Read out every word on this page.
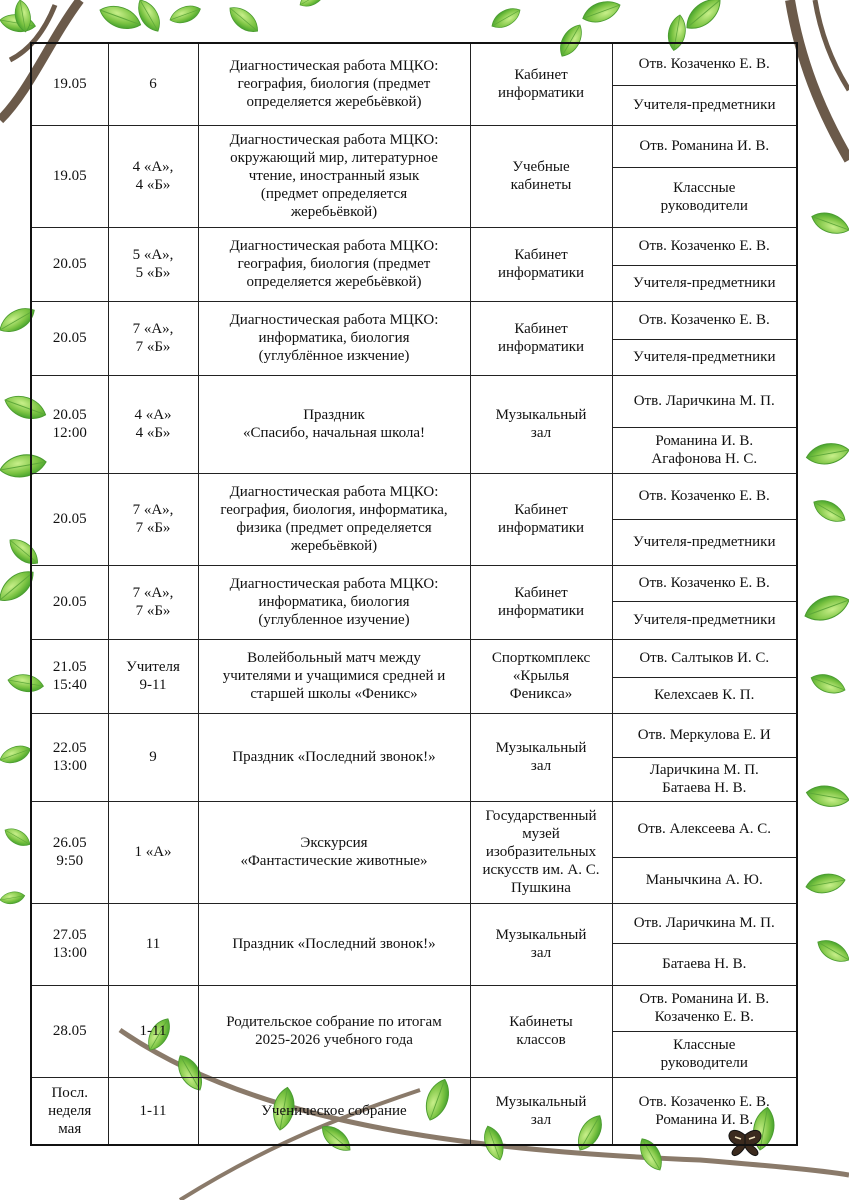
19.05	6	Диагностическая работа МЦКО:
география, биология (предмет
определяется жеребьёвкой)	Кабинет
информатики	Отв. Козаченко Е. В.
				Учителя-предметники
19.05	4 «А»,
4 «Б»	Диагностическая работа МЦКО:
окружающий мир, литературное
чтение, иностранный язык
(предмет определяется
жеребьёвкой)	Учебные
кабинеты	Отв. Романина И. В.
				Классные
руководители
20.05	5 «А»,
5 «Б»	Диагностическая работа МЦКО:
география, биология (предмет
определяется жеребьёвкой)	Кабинет
информатики	Отв. Козаченко Е. В.
				Учителя-предметники
20.05	7 «А»,
7 «Б»	Диагностическая работа МЦКО:
информатика, биология
(углублённое изкчение)	Кабинет
информатики	Отв. Козаченко Е. В.
				Учителя-предметники
20.05
12:00	4 «А»
4 «Б»	Праздник
«Спасибо, начальная школа!	Музыкальный
зал	Отв. Ларичкина М. П.
				Романина И. В.
Агафонова Н. С.
20.05	7 «А»,
7 «Б»	Диагностическая работа МЦКО:
география, биология, информатика,
физика (предмет определяется
жеребьёвкой)	Кабинет
информатики	Отв. Козаченко Е. В.
				Учителя-предметники
20.05	7 «А»,
7 «Б»	Диагностическая работа МЦКО:
информатика, биология
(углубленное изучение)	Кабинет
информатики	Отв. Козаченко Е. В.
				Учителя-предметники
21.05
15:40	Учителя
9-11	Волейбольный матч между
учителями и учащимися средней и
старшей школы «Феникс»	Спорткомплекс
«Крылья
Феникса»	Отв. Салтыков И. С.
				Келехсаев К. П.
22.05
13:00	9	Праздник «Последний звонок!»	Музыкальный
зал	Отв. Меркулова Е. И
				Ларичкина М. П.
Батаева Н. В.
26.05
9:50	1 «А»	Экскурсия
«Фантастические животные»	Государственный
музей
изобразительных
искусств им. А. С.
Пушкина	Отв. Алексеева А. С.
				Манычкина А. Ю.
27.05
13:00	11	Праздник «Последний звонок!»	Музыкальный
зал	Отв. Ларичкина М. П.
				Батаева Н. В.
28.05	1-11	Родительское собрание по итогам
2025-2026 учебного года	Кабинеты
классов	Отв. Романина И. В.
Козаченко Е. В.
				Классные
руководители
Посл.
неделя
мая	1-11	Ученическое собрание	Музыкальный
зал	Отв. Козаченко Е. В.
Романина И. В.
